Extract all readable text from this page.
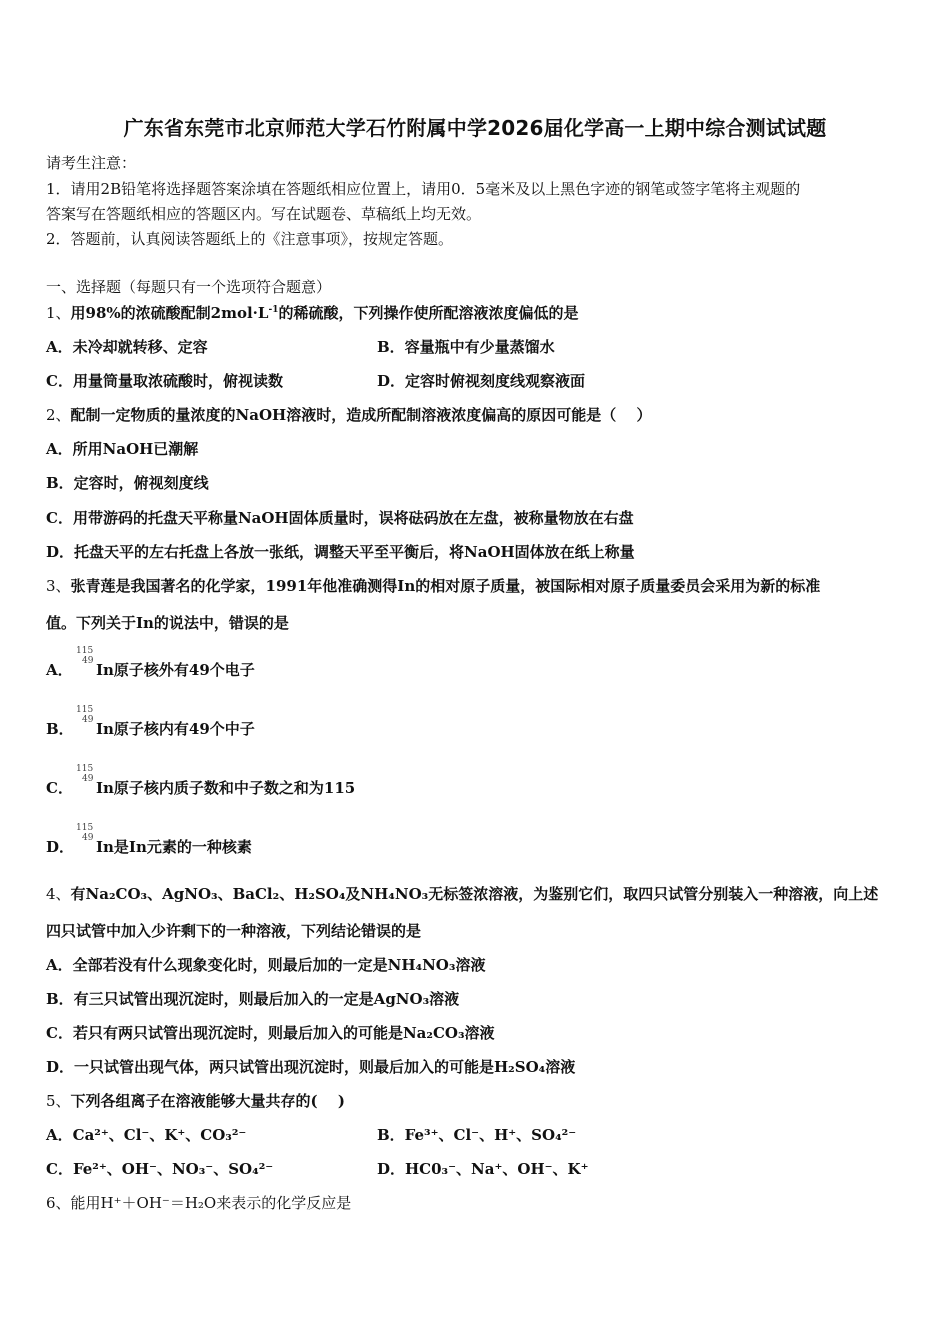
广东省东莞市北京师范大学石竹附属中学2026届化学高一上期中综合测试试题
请考生注意：
1．请用2B铅笔将选择题答案涂填在答题纸相应位置上，请用0．5毫米及以上黑色字迹的钢笔或签字笔将主观题的
答案写在答题纸相应的答题区内。写在试题卷、草稿纸上均无效。
2．答题前，认真阅读答题纸上的《注意事项》，按规定答题。
一、选择题（每题只有一个选项符合题意）
1、用98%的浓硫酸配制$2mol\cdot L^{-1}$的稀硫酸，下列操作使所配溶液浓度偏低的是
A．未冷却就转移、定容	B．容量瓶中有少量蒸馏水
C．用量筒量取浓硫酸时，俯视读数	D．定容时俯视刻度线观察液面
2、配制一定物质的量浓度的NaOH溶液时，造成所配制溶液浓度偏高的原因可能是（　 ）
A．所用NaOH已潮解
B．定容时，俯视刻度线
C．用带游码的托盘天平称量NaOH固体质量时，误将砝码放在左盘，被称量物放在右盘
D．托盘天平的左右托盘上各放一张纸，调整天平至平衡后，将NaOH固体放在纸上称量
3、张青莲是我国著名的化学家，1991年他准确测得In的相对原子质量，被国际相对原子质量委员会采用为新的标准
值。下列关于In的说法中，错误的是
A． In原子核外有49个电子
115
49
B． In原子核内有49个中子
115
49
C． In原子核内质子数和中子数之和为115
115
49
D． In是In元素的一种核素
115
49
4、有Na₂CO₃、AgNO₃、BaCl₂、H₂SO₄及NH₄NO₃无标签浓溶液，为鉴别它们，取四只试管分别装入一种溶液，向上述
四只试管中加入少许剩下的一种溶液，下列结论错误的是
A．全部若没有什么现象变化时，则最后加的一定是NH₄NO₃溶液
B．有三只试管出现沉淀时，则最后加入的一定是AgNO₃溶液
C．若只有两只试管出现沉淀时，则最后加入的可能是Na₂CO₃溶液
D．一只试管出现气体，两只试管出现沉淀时，则最后加入的可能是H₂SO₄溶液
5、下列各组离子在溶液能够大量共存的(　 )
A．Ca²⁺、Cl⁻、K⁺、CO₃²⁻	B．Fe³⁺、Cl⁻、H⁺、SO₄²⁻
C．Fe²⁺、OH⁻、NO₃⁻、SO₄²⁻	D．HC0₃⁻、Na⁺、OH⁻、K⁺
6、能用H⁺＋OH⁻＝H₂O来表示的化学反应是
